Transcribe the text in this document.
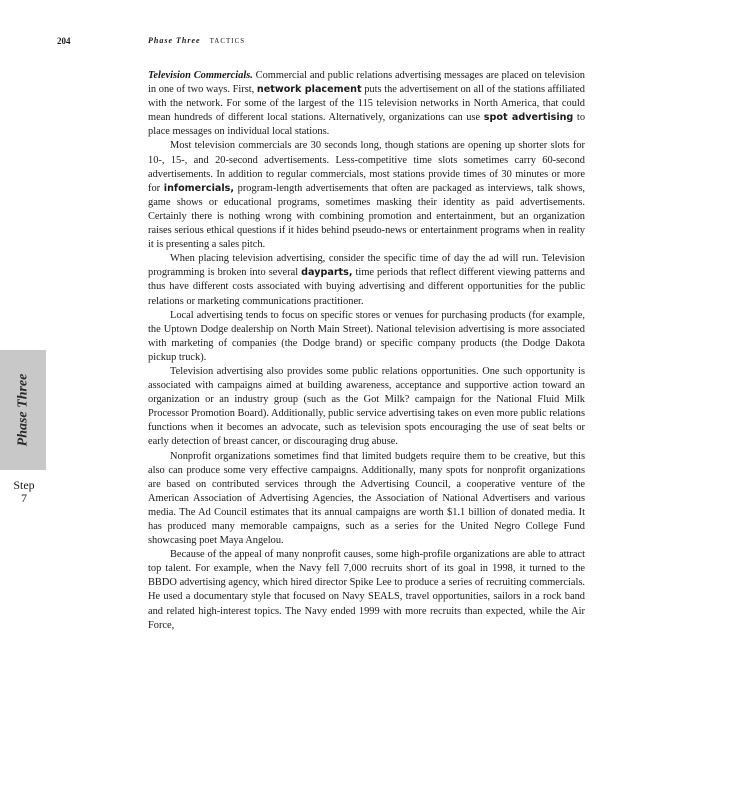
204	Phase Three TACTICS
Phase Three
Step
7

Television Commercials. Commercial and public relations advertising messages are placed on television in one of two ways. First, network placement puts the advertisement on all of the stations affiliated with the network. For some of the largest of the 115 television networks in North America, that could mean hundreds of different local stations. Alternatively, organizations can use spot advertising to place messages on individual local stations.

Most television commercials are 30 seconds long, though stations are opening up shorter slots for 10-, 15-, and 20-second advertisements. Less-competitive time slots sometimes carry 60-second advertisements. In addition to regular commercials, most stations provide times of 30 minutes or more for infomercials, program-length advertisements that often are packaged as interviews, talk shows, game shows or educational programs, sometimes masking their identity as paid advertisements. Certainly there is nothing wrong with combining promotion and entertainment, but an organization raises serious ethical questions if it hides behind pseudo-news or entertainment programs when in reality it is presenting a sales pitch.

When placing television advertising, consider the specific time of day the ad will run. Television programming is broken into several dayparts, time periods that reflect different viewing patterns and thus have different costs associated with buying advertising and different opportunities for the public relations or marketing communications practitioner.

Local advertising tends to focus on specific stores or venues for purchasing products (for example, the Uptown Dodge dealership on North Main Street). National television advertising is more associated with marketing of companies (the Dodge brand) or specific company products (the Dodge Dakota pickup truck).

Television advertising also provides some public relations opportunities. One such opportunity is associated with campaigns aimed at building awareness, acceptance and supportive action toward an organization or an industry group (such as the Got Milk? campaign for the National Fluid Milk Processor Promotion Board). Additionally, public service advertising takes on even more public relations functions when it becomes an advocate, such as television spots encouraging the use of seat belts or early detection of breast cancer, or discouraging drug abuse.

Nonprofit organizations sometimes find that limited budgets require them to be creative, but this also can produce some very effective campaigns. Additionally, many spots for nonprofit organizations are based on contributed services through the Advertising Council, a cooperative venture of the American Association of Advertising Agencies, the Association of National Advertisers and various media. The Ad Council estimates that its annual campaigns are worth $1.1 billion of donated media. It has produced many memorable campaigns, such as a series for the United Negro College Fund showcasing poet Maya Angelou.

Because of the appeal of many nonprofit causes, some high-profile organizations are able to attract top talent. For example, when the Navy fell 7,000 recruits short of its goal in 1998, it turned to the BBDO advertising agency, which hired director Spike Lee to produce a series of recruiting commercials. He used a documentary style that focused on Navy SEALS, travel opportunities, sailors in a rock band and related high-interest topics. The Navy ended 1999 with more recruits than expected, while the Air Force,
